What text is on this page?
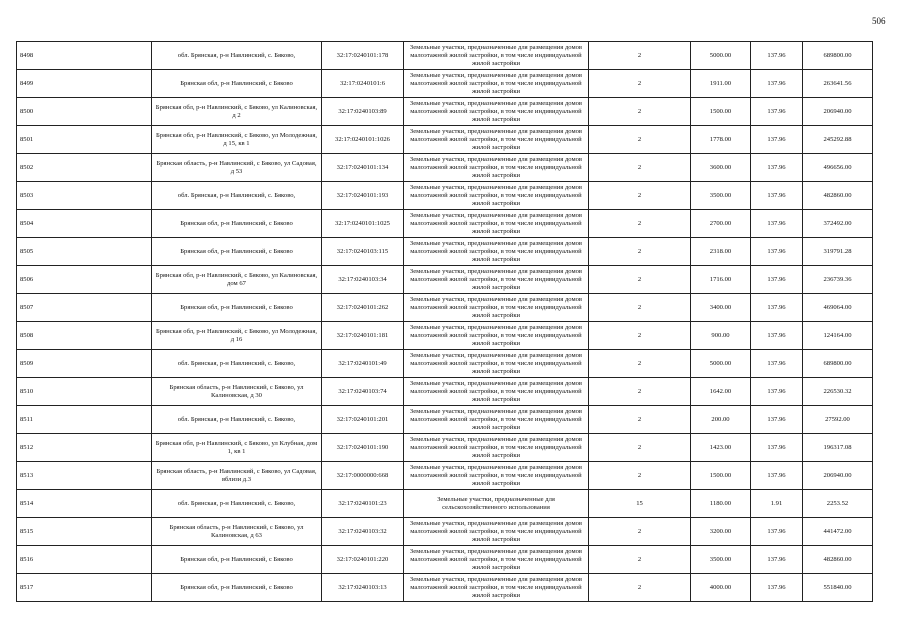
506
8498	обл. Брянская, р-н Навлинский, с. Бяково,	32:17:0240101:178	Земельные участки, предназначенные для размещения домов малоэтажной жилой застройки, в том числе индивидуальной жилой застройки	2	5000.00	137.96	689800.00
8499	Брянская обл, р-н Навлинский, с Бяково	32:17:0240101:6	Земельные участки, предназначенные для размещения домов малоэтажной жилой застройки, в том числе индивидуальной жилой застройки	2	1911.00	137.96	263641.56
8500	Брянская обл, р-н Навлинский, с Бяково, ул Калиновская, д 2	32:17:0240103:89	Земельные участки, предназначенные для размещения домов малоэтажной жилой застройки, в том числе индивидуальной жилой застройки	2	1500.00	137.96	206940.00
8501	Брянская обл, р-н Навлинский, с Бяково, ул Молодежная, д 15, кв 1	32:17:0240101:1026	Земельные участки, предназначенные для размещения домов малоэтажной жилой застройки, в том числе индивидуальной жилой застройки	2	1778.00	137.96	245292.88
8502	Брянская область, р-н Навлинский, с Бяково, ул Садовая, д 53	32:17:0240101:134	Земельные участки, предназначенные для размещения домов малоэтажной жилой застройки, в том числе индивидуальной жилой застройки	2	3600.00	137.96	496656.00
8503	обл. Брянская, р-н Навлинский, с. Бяково,	32:17:0240101:193	Земельные участки, предназначенные для размещения домов малоэтажной жилой застройки, в том числе индивидуальной жилой застройки	2	3500.00	137.96	482860.00
8504	Брянская обл, р-н Навлинский, с Бяково	32:17:0240101:1025	Земельные участки, предназначенные для размещения домов малоэтажной жилой застройки, в том числе индивидуальной жилой застройки	2	2700.00	137.96	372492.00
8505	Брянская обл, р-н Навлинский, с Бяково	32:17:0240103:115	Земельные участки, предназначенные для размещения домов малоэтажной жилой застройки, в том числе индивидуальной жилой застройки	2	2318.00	137.96	319791.28
8506	Брянская обл, р-н Навлинский, с Бяково, ул Калиновская, дом 67	32:17:0240103:34	Земельные участки, предназначенные для размещения домов малоэтажной жилой застройки, в том числе индивидуальной жилой застройки	2	1716.00	137.96	236739.36
8507	Брянская обл, р-н Навлинский, с Бяково	32:17:0240101:262	Земельные участки, предназначенные для размещения домов малоэтажной жилой застройки, в том числе индивидуальной жилой застройки	2	3400.00	137.96	469064.00
8508	Брянская обл, р-н Навлинский, с Бяково, ул Молодежная, д 16	32:17:0240101:181	Земельные участки, предназначенные для размещения домов малоэтажной жилой застройки, в том числе индивидуальной жилой застройки	2	900.00	137.96	124164.00
8509	обл. Брянская, р-н Навлинский, с. Бяково,	32:17:0240101:49	Земельные участки, предназначенные для размещения домов малоэтажной жилой застройки, в том числе индивидуальной жилой застройки	2	5000.00	137.96	689800.00
8510	Брянская область, р-н Навлинский, с Бяково, ул Калиновская, д 30	32:17:0240103:74	Земельные участки, предназначенные для размещения домов малоэтажной жилой застройки, в том числе индивидуальной жилой застройки	2	1642.00	137.96	226530.32
8511	обл. Брянская, р-н Навлинский, с. Бяково,	32:17:0240101:201	Земельные участки, предназначенные для размещения домов малоэтажной жилой застройки, в том числе индивидуальной жилой застройки	2	200.00	137.96	27592.00
8512	Брянская обл, р-н Навлинский, с Бяково, ул Клубная, дом 1, кв 1	32:17:0240101:190	Земельные участки, предназначенные для размещения домов малоэтажной жилой застройки, в том числе индивидуальной жилой застройки	2	1423.00	137.96	196317.08
8513	Брянская область, р-н Навлинский, с Бяково, ул Садовая, вблизи д.3	32:17:0000000:668	Земельные участки, предназначенные для размещения домов малоэтажной жилой застройки, в том числе индивидуальной жилой застройки	2	1500.00	137.96	206940.00
8514	обл. Брянская, р-н Навлинский, с. Бяково,	32:17:0240101:23	Земельные участки, предназначенные для сельскохозяйственного использования	15	1180.00	1.91	2253.52
8515	Брянская область, р-н Навлинский, с Бяково, ул Калиновская, д 63	32:17:0240103:32	Земельные участки, предназначенные для размещения домов малоэтажной жилой застройки, в том числе индивидуальной жилой застройки	2	3200.00	137.96	441472.00
8516	Брянская обл, р-н Навлинский, с Бяково	32:17:0240101:220	Земельные участки, предназначенные для размещения домов малоэтажной жилой застройки, в том числе индивидуальной жилой застройки	2	3500.00	137.96	482860.00
8517	Брянская обл, р-н Навлинский, с Бяково	32:17:0240103:13	Земельные участки, предназначенные для размещения домов малоэтажной жилой застройки, в том числе индивидуальной жилой застройки	2	4000.00	137.96	551840.00
